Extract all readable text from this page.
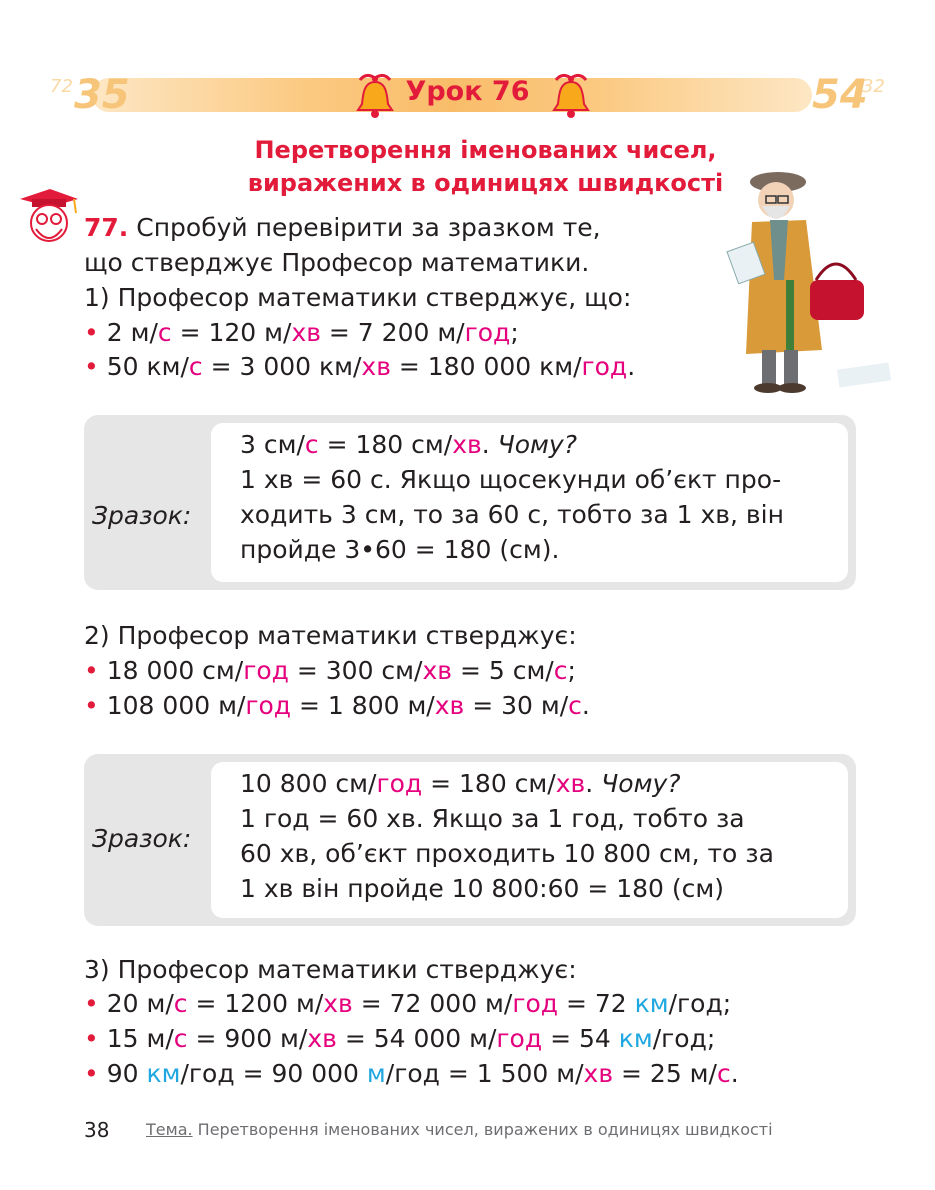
72 35	54
32
Урок 76
Перетворення іменованих чисел,
виражених в одиницях швидкості
77. Спробуй перевірити за зразком те,
що стверджує Професор математики.
1) Професор математики стверджує, що:
• 2 м/с = 120 м/хв = 7 200 м/год;
• 50 км/с = 3 000 км/хв = 180 000 км/год.
Зразок:
3 см/с = 180 см/хв. Чому?
1 хв = 60 с. Якщо щосекунди об’єкт про-
ходить 3 см, то за 60 с, тобто за 1 хв, він
пройде 3•60 = 180 (см).
2) Професор математики стверджує:
• 18 000 см/год = 300 см/хв = 5 см/с;
• 108 000 м/год = 1 800 м/хв = 30 м/с.
Зразок:
10 800 см/год = 180 см/хв. Чому?
1 год = 60 хв. Якщо за 1 год, тобто за
60 хв, об’єкт проходить 10 800 см, то за
1 хв він пройде 10 800:60 = 180 (см)
3) Професор математики стверджує:
• 20 м/с = 1200 м/хв = 72 000 м/год = 72 км/год;
• 15 м/с = 900 м/хв = 54 000 м/год = 54 км/год;
• 90 км/год = 90 000 м/год = 1 500 м/хв = 25 м/с.
38 Тема. Перетворення іменованих чисел, виражених в одиницях швидкості
